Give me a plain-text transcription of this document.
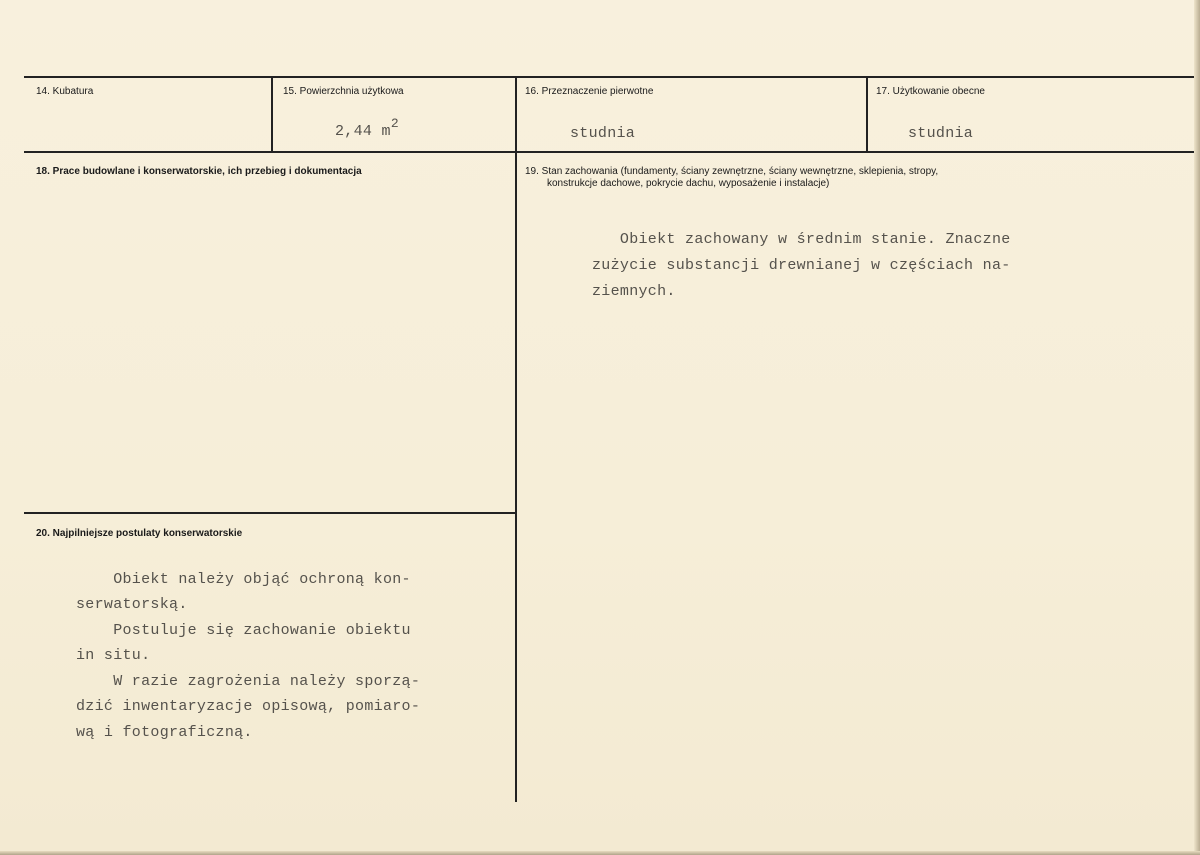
14. Kubatura	15. Powierzchnia użytkowa
2,44 m2
16. Przeznaczenie pierwotne
studnia
17. Użytkowanie obecne
studnia
18. Prace budowlane i konserwatorskie, ich przebieg i dokumentacja	19. Stan zachowania (fundamenty, ściany zewnętrzne, ściany wewnętrzne, sklepienia, stropy,
konstrukcje dachowe, pokrycie dachu, wyposażenie i instalacje)
Obiekt zachowany w średnim stanie. Znaczne
zużycie substancji drewnianej w częściach na-
ziemnych.
20. Najpilniejsze postulaty konserwatorskie
Obiekt należy objąć ochroną kon-
serwatorską.
Postuluje się zachowanie obiektu
in situ.
W razie zagrożenia należy sporzą-
dzić inwentaryzacje opisową, pomiaro-
wą i fotograficzną.
